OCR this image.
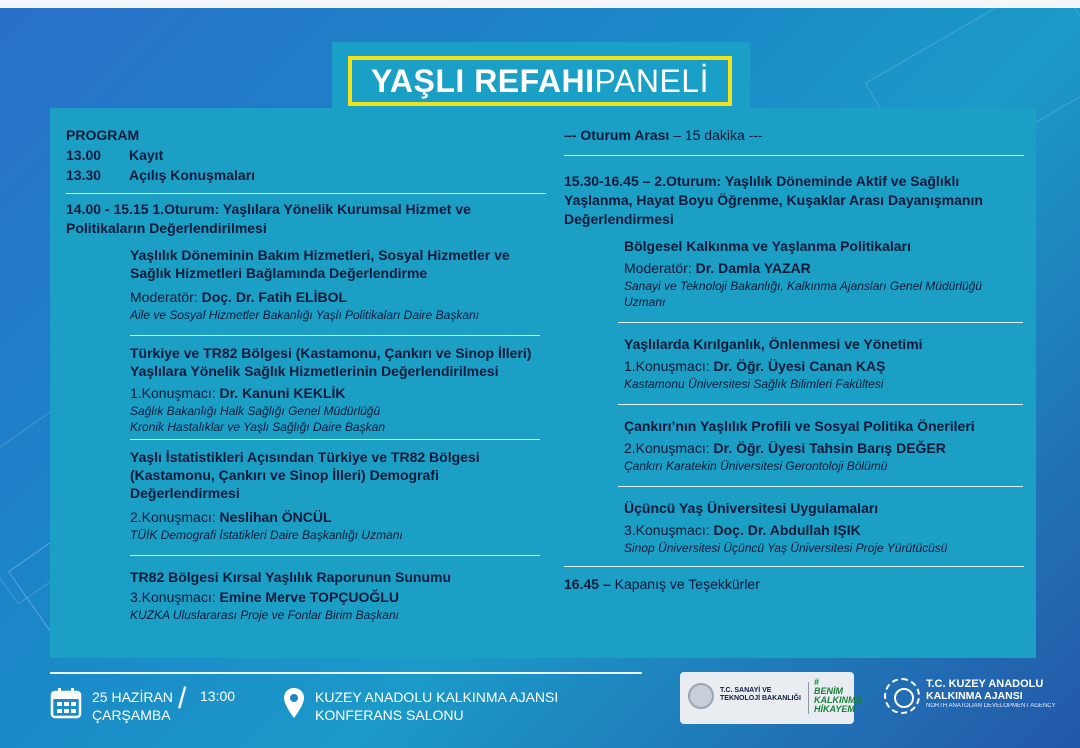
PROGRAM
13.00	Kayıt
13.30	Açılış Konuşmaları
14.00 - 15.15 1.Oturum: Yaşlılara Yönelik Kurumsal Hizmet ve Politikaların Değerlendirilmesi
Yaşlılık Döneminin Bakım Hizmetleri, Sosyal Hizmetler ve Sağlık Hizmetleri Bağlamında Değerlendirme
Moderatör: Doç. Dr. Fatih ELİBOL
Aile ve Sosyal Hizmetler Bakanlığı Yaşlı Politikaları Daire Başkanı
Türkiye ve TR82 Bölgesi (Kastamonu, Çankırı ve Sinop İlleri) Yaşlılara Yönelik Sağlık Hizmetlerinin Değerlendirilmesi
1.Konuşmacı: Dr. Kanuni KEKLİK
Sağlık Bakanlığı Halk Sağlığı Genel Müdürlüğü
Kronik Hastalıklar ve Yaşlı Sağlığı Daire Başkan
Yaşlı İstatistikleri Açısından Türkiye ve TR82 Bölgesi (Kastamonu, Çankırı ve Sinop İlleri) Demografi Değerlendirmesi
2.Konuşmacı: Neslihan ÖNCÜL
TÜİK Demografi İstatikleri Daire Başkanlığı Uzmanı
TR82 Bölgesi Kırsal Yaşlılık Raporunun Sunumu
3.Konuşmacı: Emine Merve TOPÇUOĞLU
KUZKA Uluslararası Proje ve Fonlar Birim Başkanı
–- Oturum Arası – 15 dakika ---
15.30-16.45 – 2.Oturum: Yaşlılık Döneminde Aktif ve Sağlıklı Yaşlanma, Hayat Boyu Öğrenme, Kuşaklar Arası Dayanışmanın Değerlendirmesi
Bölgesel Kalkınma ve Yaşlanma Politikaları
Moderatör: Dr. Damla YAZAR
Sanayi ve Teknoloji Bakanlığı, Kalkınma Ajansları Genel Müdürlüğü Uzmanı
Yaşlılarda Kırılganlık, Önlenmesi ve Yönetimi
1.Konuşmacı: Dr. Öğr. Üyesi Canan KAŞ
Kastamonu Üniversitesi Sağlık Bilimleri Fakültesi
Çankırı’nın Yaşlılık Profili ve Sosyal Politika Önerileri
2.Konuşmacı: Dr. Öğr. Üyesi Tahsin Barış DEĞER
Çankırı Karatekin Üniversitesi Gerontoloji Bölümü
Üçüncü Yaş Üniversitesi Uygulamaları
3.Konuşmacı: Doç. Dr. Abdullah IŞIK
Sinop Üniversitesi Üçüncü Yaş Üniversitesi Proje Yürütücüsü
16.45 – Kapanış ve Teşekkürler
YAŞLI REFAHI PANELİ
25 HAZİRAN
ÇARŞAMBA / 13:00	KUZEY ANADOLU KALKINMA AJANSI
KONFERANS SALONU
T.C. SANAYİ VE
TEKNOLOJİ BAKANLIĞI
#
BENİM
KALKINMA
HİKAYEM
T.C. KUZEY ANADOLU
KALKINMA AJANSI
NORTH ANATOLIAN DEVELOPMENT AGENCY
